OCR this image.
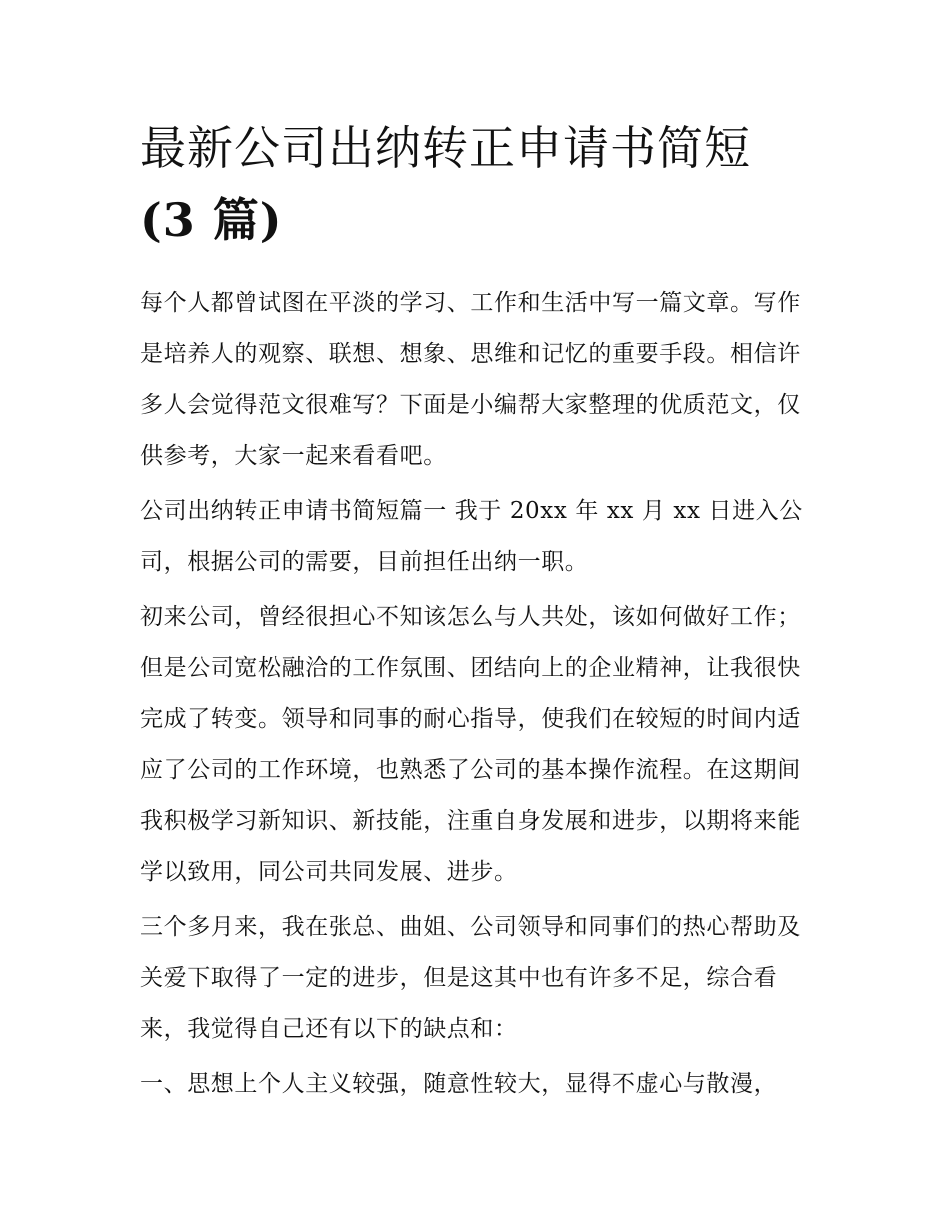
最新公司出纳转正申请书简短
(3 篇)

每个人都曾试图在平淡的学习、工作和生活中写一篇文章。写作是培养人的观察、联想、想象、思维和记忆的重要手段。相信许多人会觉得范文很难写？下面是小编帮大家整理的优质范文，仅供参考，大家一起来看看吧。

公司出纳转正申请书简短篇一 我于 20xx 年 xx 月 xx 日进入公司，根据公司的需要，目前担任出纳一职。

初来公司，曾经很担心不知该怎么与人共处，该如何做好工作；但是公司宽松融洽的工作氛围、团结向上的企业精神，让我很快完成了转变。领导和同事的耐心指导，使我们在较短的时间内适应了公司的工作环境，也熟悉了公司的基本操作流程。在这期间我积极学习新知识、新技能，注重自身发展和进步，以期将来能学以致用，同公司共同发展、进步。

三个多月来，我在张总、曲姐、公司领导和同事们的热心帮助及关爱下取得了一定的进步，但是这其中也有许多不足，综合看来，我觉得自己还有以下的缺点和：

一、思想上个人主义较强，随意性较大，显得不虚心与散漫，
